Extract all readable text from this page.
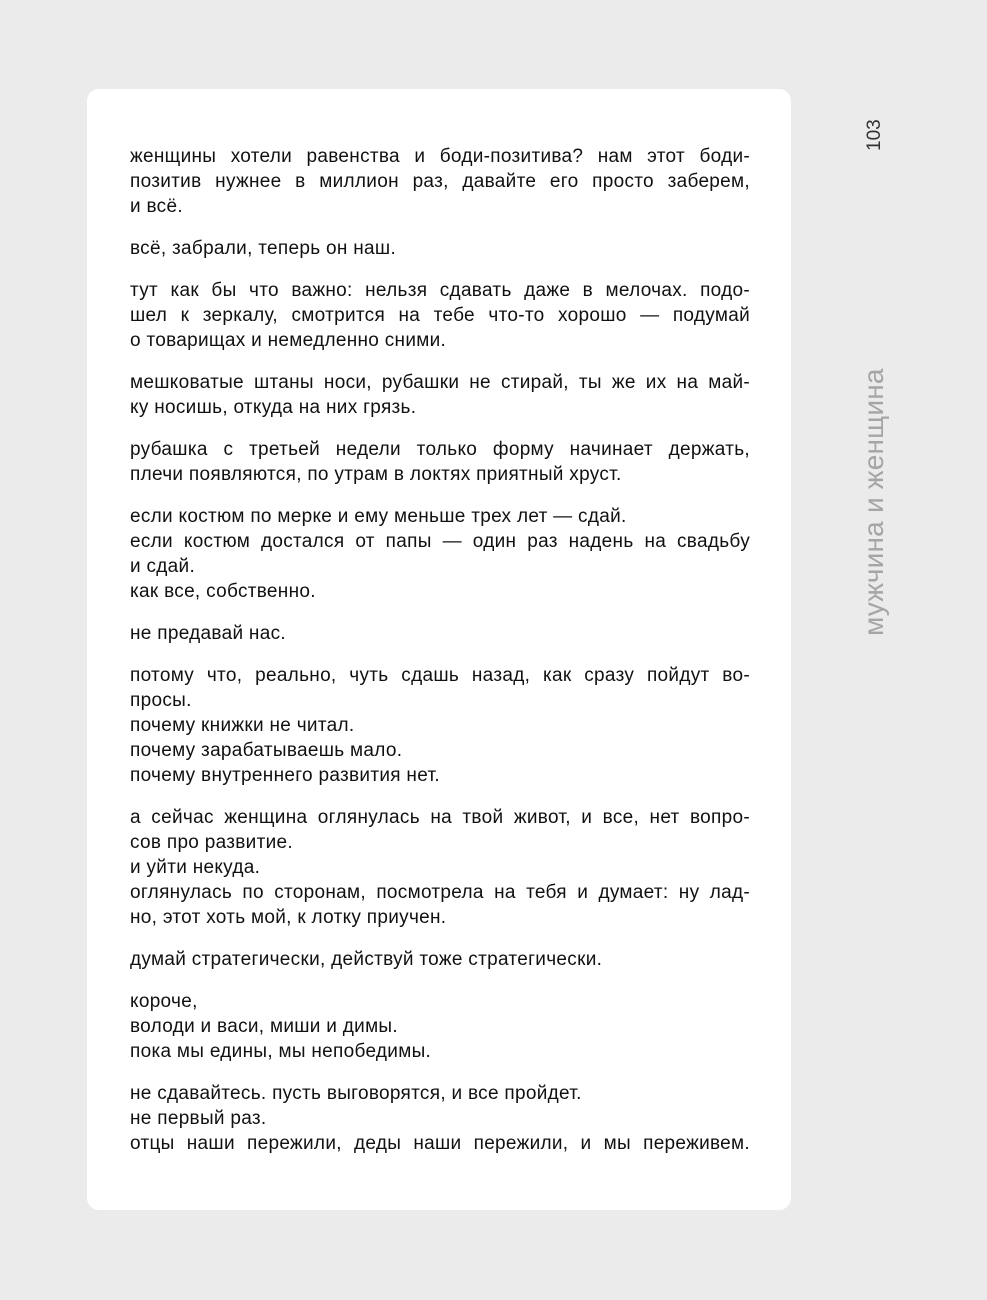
женщины хотели равенства и боди-позитива? нам этот боди-
позитив нужнее в миллион раз, давайте его просто заберем,
и всё.
всё, забрали, теперь он наш.
тут как бы что важно: нельзя сдавать даже в мелочах. подо-
шел к зеркалу, смотрится на тебе что-то хорошо — подумай
о товарищах и немедленно сними.
мешковатые штаны носи, рубашки не стирай, ты же их на май-
ку носишь, откуда на них грязь.
рубашка с третьей недели только форму начинает держать,
плечи появляются, по утрам в локтях приятный хруст.
если костюм по мерке и ему меньше трех лет — сдай.
если костюм достался от папы — один раз надень на свадьбу
и сдай.
как все, собственно.
не предавай нас.
потому что, реально, чуть сдашь назад, как сразу пойдут во-
просы.
почему книжки не читал.
почему зарабатываешь мало.
почему внутреннего развития нет.
а сейчас женщина оглянулась на твой живот, и все, нет вопро-
сов про развитие.
и уйти некуда.
оглянулась по сторонам, посмотрела на тебя и думает: ну лад-
но, этот хоть мой, к лотку приучен.
думай стратегически, действуй тоже стратегически.
короче,
володи и васи, миши и димы.
пока мы едины, мы непобедимы.
не сдавайтесь. пусть выговорятся, и все пройдет.
не первый раз.
отцы наши пережили, деды наши пережили, и мы переживем.
мужчина и женщина
103
